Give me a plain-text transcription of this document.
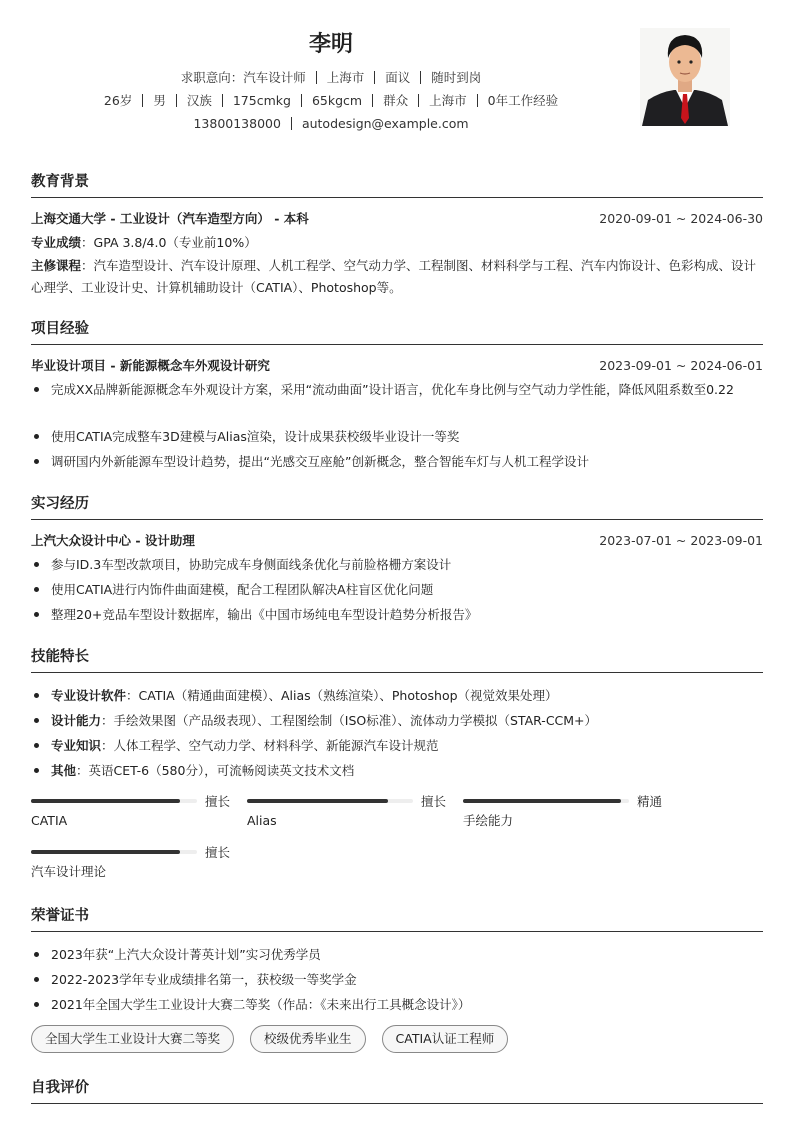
李明
求职意向：汽车设计师 上海市 面议 随时到岗
26岁 男 汉族 175cmkg 65kgcm 群众 上海市 0年工作经验
13800138000 autodesign@example.com
教育背景
上海交通大学 - 工业设计（汽车造型方向） - 本科	2020-09-01 ~ 2024-06-30
专业成绩：GPA 3.8/4.0（专业前10%）
主修课程：汽车造型设计、汽车设计原理、人机工程学、空气动力学、工程制图、材料科学与工程、汽车内饰设计、色彩构成、设计心理学、工业设计史、计算机辅助设计（CATIA）、Photoshop等。
项目经验
毕业设计项目 - 新能源概念车外观设计研究	2023-09-01 ~ 2024-06-01
完成XX品牌新能源概念车外观设计方案，采用“流动曲面”设计语言，优化车身比例与空气动力学性能，降低风阻系数至0.22
使用CATIA完成整车3D建模与Alias渲染，设计成果获校级毕业设计一等奖
调研国内外新能源车型设计趋势，提出“光感交互座舱”创新概念，整合智能车灯与人机工程学设计
实习经历
上汽大众设计中心 - 设计助理	2023-07-01 ~ 2023-09-01
参与ID.3车型改款项目，协助完成车身侧面线条优化与前脸格栅方案设计
使用CATIA进行内饰件曲面建模，配合工程团队解决A柱盲区优化问题
整理20+竞品车型设计数据库，输出《中国市场纯电车型设计趋势分析报告》
技能特长
专业设计软件：CATIA（精通曲面建模）、Alias（熟练渲染）、Photoshop（视觉效果处理）
设计能力：手绘效果图（产品级表现）、工程图绘制（ISO标准）、流体动力学模拟（STAR-CCM+）
专业知识：人体工程学、空气动力学、材料科学、新能源汽车设计规范
其他：英语CET-6（580分），可流畅阅读英文技术文档
擅长
CATIA
擅长
Alias
精通
手绘能力
擅长
汽车设计理论
荣誉证书
2023年获“上汽大众设计菁英计划”实习优秀学员
2022-2023学年专业成绩排名第一，获校级一等奖学金
2021年全国大学生工业设计大赛二等奖（作品：《未来出行工具概念设计》）
全国大学生工业设计大赛二等奖	校级优秀毕业生	CATIA认证工程师
自我评价
